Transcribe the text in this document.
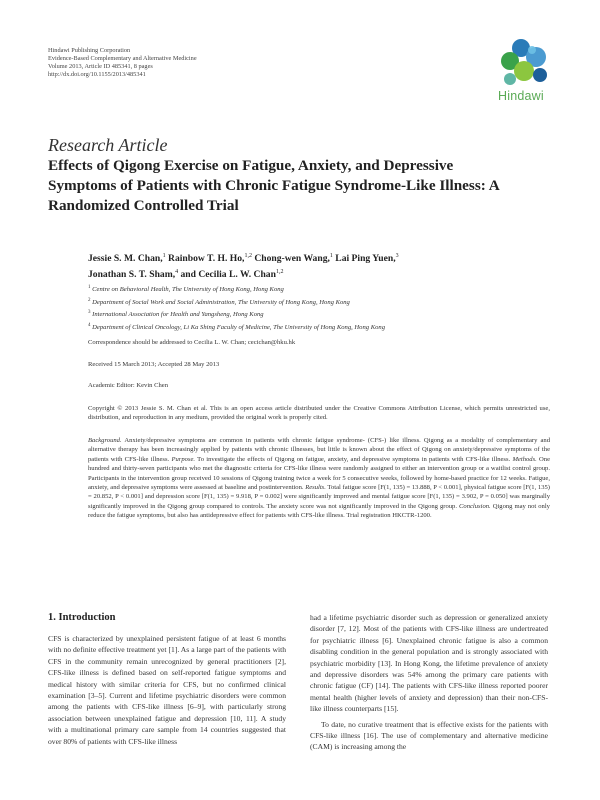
Hindawi Publishing Corporation
Evidence-Based Complementary and Alternative Medicine
Volume 2013, Article ID 485341, 8 pages
http://dx.doi.org/10.1155/2013/485341
Hindawi
Research Article
Effects of Qigong Exercise on Fatigue, Anxiety, and Depressive Symptoms of Patients with Chronic Fatigue Syndrome-Like Illness: A Randomized Controlled Trial
Jessie S. M. Chan,$^1$ Rainbow T. H. Ho,$^{1,2}$ Chong-wen Wang,$^1$ Lai Ping Yuen,$^3$
Jonathan S. T. Sham,$^4$ and Cecilia L. W. Chan$^{1,2}$
$^1$ Centre on Behavioral Health, The University of Hong Kong, Hong Kong
$^2$ Department of Social Work and Social Administration, The University of Hong Kong, Hong Kong
$^3$ International Association for Health and Yangsheng, Hong Kong
$^4$ Department of Clinical Oncology, Li Ka Shing Faculty of Medicine, The University of Hong Kong, Hong Kong
Correspondence should be addressed to Cecilia L. W. Chan; cecichan@hku.hk
Received 15 March 2013; Accepted 28 May 2013
Academic Editor: Kevin Chen
Copyright © 2013 Jessie S. M. Chan et al. This is an open access article distributed under the Creative Commons Attribution License, which permits unrestricted use, distribution, and reproduction in any medium, provided the original work is properly cited.
Background. Anxiety/depressive symptoms are common in patients with chronic fatigue syndrome- (CFS-) like illness. Qigong as a modality of complementary and alternative therapy has been increasingly applied by patients with chronic illnesses, but little is known about the effect of Qigong on anxiety/depressive symptoms of the patients with CFS-like illness. Purpose. To investigate the effects of Qigong on fatigue, anxiety, and depressive symptoms in patients with CFS-like illness. Methods. One hundred and thirty-seven participants who met the diagnostic criteria for CFS-like illness were randomly assigned to either an intervention group or a waitlist control group. Participants in the intervention group received 10 sessions of Qigong training twice a week for 5 consecutive weeks, followed by home-based practice for 12 weeks. Fatigue, anxiety, and depressive symptoms were assessed at baseline and postintervention. Results. Total fatigue score [F(1, 135) = 13.888, P < 0.001], physical fatigue score [F(1, 135) = 20.852, P < 0.001] and depression score [F(1, 135) = 9.918, P = 0.002] were significantly improved and mental fatigue score [F(1, 135) = 3.902, P = 0.050] was marginally significantly improved in the Qigong group compared to controls. The anxiety score was not significantly improved in the Qigong group. Conclusion. Qigong may not only reduce the fatigue symptoms, but also has antidepressive effect for patients with CFS-like illness. Trial registration HKCTR-1200.
1. Introduction

CFS is characterized by unexplained persistent fatigue of at least 6 months with no definite effective treatment yet [1]. As a large part of the patients with CFS in the community remain unrecognized by general practitioners [2], CFS-like illness is defined based on self-reported fatigue symptoms and medical history with similar criteria for CFS, but no confirmed clinical examination [3–5]. Current and lifetime psychiatric disorders were common among the patients with CFS-like illness [6–9], with particularly strong association between unexplained fatigue and depression [10, 11]. A study with a multinational primary care sample from 14 countries suggested that over 80% of patients with CFS-like illness

had a lifetime psychiatric disorder such as depression or generalized anxiety disorder [7, 12]. Most of the patients with CFS-like illness are undertreated for psychiatric illness [6]. Unexplained chronic fatigue is also a common disabling condition in the general population and is strongly associated with psychiatric morbidity [13]. In Hong Kong, the lifetime prevalence of anxiety and depressive disorders was 54% among the primary care patients with chronic fatigue (CF) [14]. The patients with CFS-like illness reported poorer mental health (higher levels of anxiety and depression) than their non-CFS-like illness counterparts [15].

To date, no curative treatment that is effective exists for the patients with CFS-like illness [16]. The use of complementary and alternative medicine (CAM) is increasing among the
